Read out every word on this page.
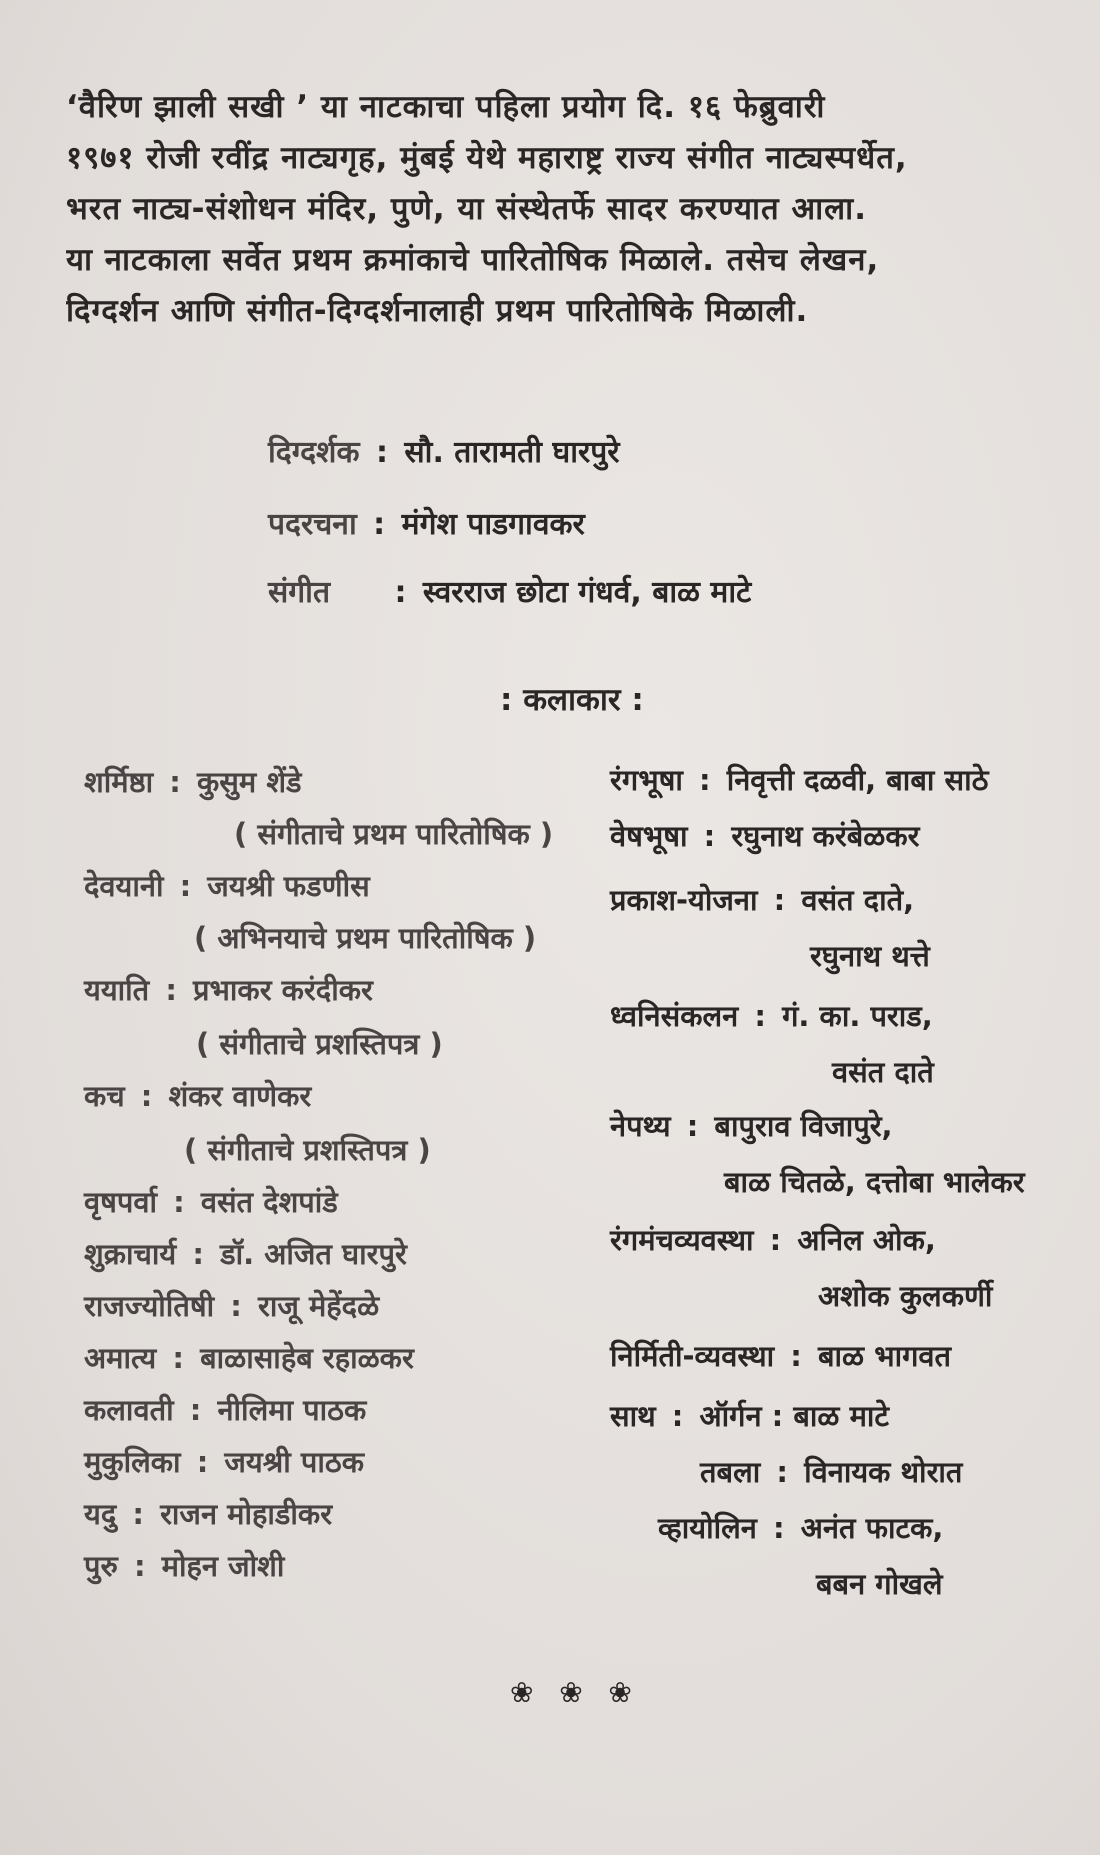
‘वैरिण झाली सखी ’ या नाटकाचा पहिला प्रयोग दि. १६ फेब्रुवारी
१९७१ रोजी रवींद्र नाट्यगृह, मुंबई येथे महाराष्ट्र राज्य संगीत नाट्यस्पर्धेत,
भरत नाट्य-संशोधन मंदिर, पुणे, या संस्थेतर्फे सादर करण्यात आला.
या नाटकाला सर्वेत प्रथम क्रमांकाचे पारितोषिक मिळाले. तसेच लेखन,
दिग्दर्शन आणि संगीत-दिग्दर्शनालाही प्रथम पारितोषिके मिळाली.
दिग्दर्शक : सौ. तारामती घारपुरे
पदरचना : मंगेश पाडगावकर
संगीत : स्वरराज छोटा गंधर्व, बाळ माटे
: कलाकार :
शर्मिष्ठा : कुसुम शेंडे
( संगीताचे प्रथम पारितोषिक )
देवयानी : जयश्री फडणीस
( अभिनयाचे प्रथम पारितोषिक )
ययाति : प्रभाकर करंदीकर
( संगीताचे प्रशस्तिपत्र )
कच : शंकर वाणेकर
( संगीताचे प्रशस्तिपत्र )
वृषपर्वा : वसंत देशपांडे
शुक्राचार्य : डॉ. अजित घारपुरे
राजज्योतिषी : राजू मेहेंदळे
अमात्य : बाळासाहेब रहाळकर
कलावती : नीलिमा पाठक
मुकुलिका : जयश्री पाठक
यदु : राजन मोहाडीकर
पुरु : मोहन जोशी
रंगभूषा : निवृत्ती दळवी, बाबा साठे
वेषभूषा : रघुनाथ करंबेळकर
प्रकाश-योजना : वसंत दाते,
रघुनाथ थत्ते
ध्वनिसंकलन : गं. का. पराड,
वसंत दाते
नेपथ्य : बापुराव विजापुरे,
बाळ चितळे, दत्तोबा भालेकर
रंगमंचव्यवस्था : अनिल ओक,
अशोक कुलकर्णी
निर्मिती-व्यवस्था : बाळ भागवत
साथ : ऑर्गन : बाळ माटे
तबला : विनायक थोरात
व्हायोलिन : अनंत फाटक,
बबन गोखले
❀ ❀ ❀
